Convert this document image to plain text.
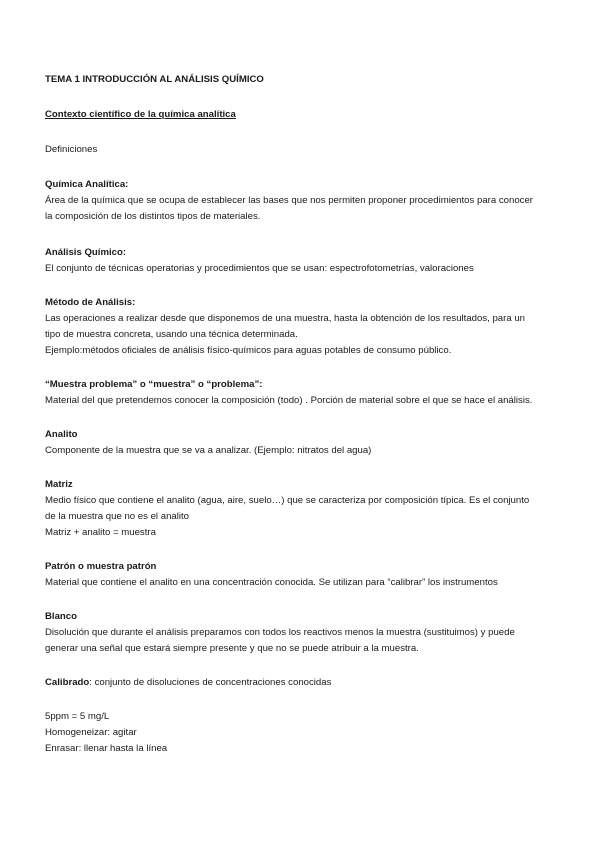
TEMA 1 INTRODUCCIÓN AL ANÁLISIS QUÍMICO

Contexto científico de la química analítica

Definiciones

Química Analítica:

Área de la química que se ocupa de establecer las bases que nos permiten proponer procedimientos para conocer

la composición de los distintos tipos de materiales.

Análisis Químico:

El conjunto de técnicas operatorias y procedimientos que se usan: espectrofotometrías, valoraciones

Método de Análisis:

Las operaciones a realizar desde que disponemos de una muestra, hasta la obtención de los resultados, para un

tipo de muestra concreta, usando una técnica determinada.

Ejemplo:métodos oficiales de análisis físico-químicos para aguas potables de consumo público.

“Muestra problema” o “muestra” o “problema”:

Material del que pretendemos conocer la composición (todo) . Porción de material sobre el que se hace el análisis.

Analito

Componente de la muestra que se va a analizar. (Ejemplo: nitratos del agua)

Matriz

Medio físico que contiene el analito (agua, aire, suelo…) que se caracteriza por composición típica. Es el conjunto

de la muestra que no es el analito

Matriz + analito = muestra

Patrón o muestra patrón

Material que contiene el analito en una concentración conocida. Se utilizan para “calibrar” los instrumentos

Blanco

Disolución que durante el análisis preparamos con todos los reactivos menos la muestra (sustituimos) y puede

generar una señal que estará siempre presente y que no se puede atribuir a la muestra.

Calibrado: conjunto de disoluciones de concentraciones conocidas

5ppm = 5 mg/L

Homogeneizar: agitar

Enrasar: llenar hasta la línea
